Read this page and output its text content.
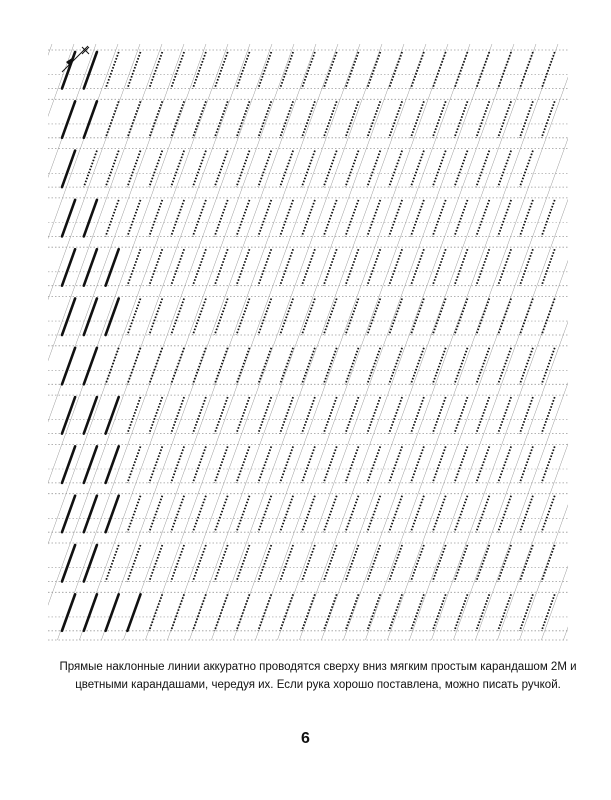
Прямые наклонные линии аккуратно проводятся сверху вниз мягким простым карандашом 2М и цветными карандашами, чередуя их. Если рука хорошо поставлена, можно писать ручкой.

6
